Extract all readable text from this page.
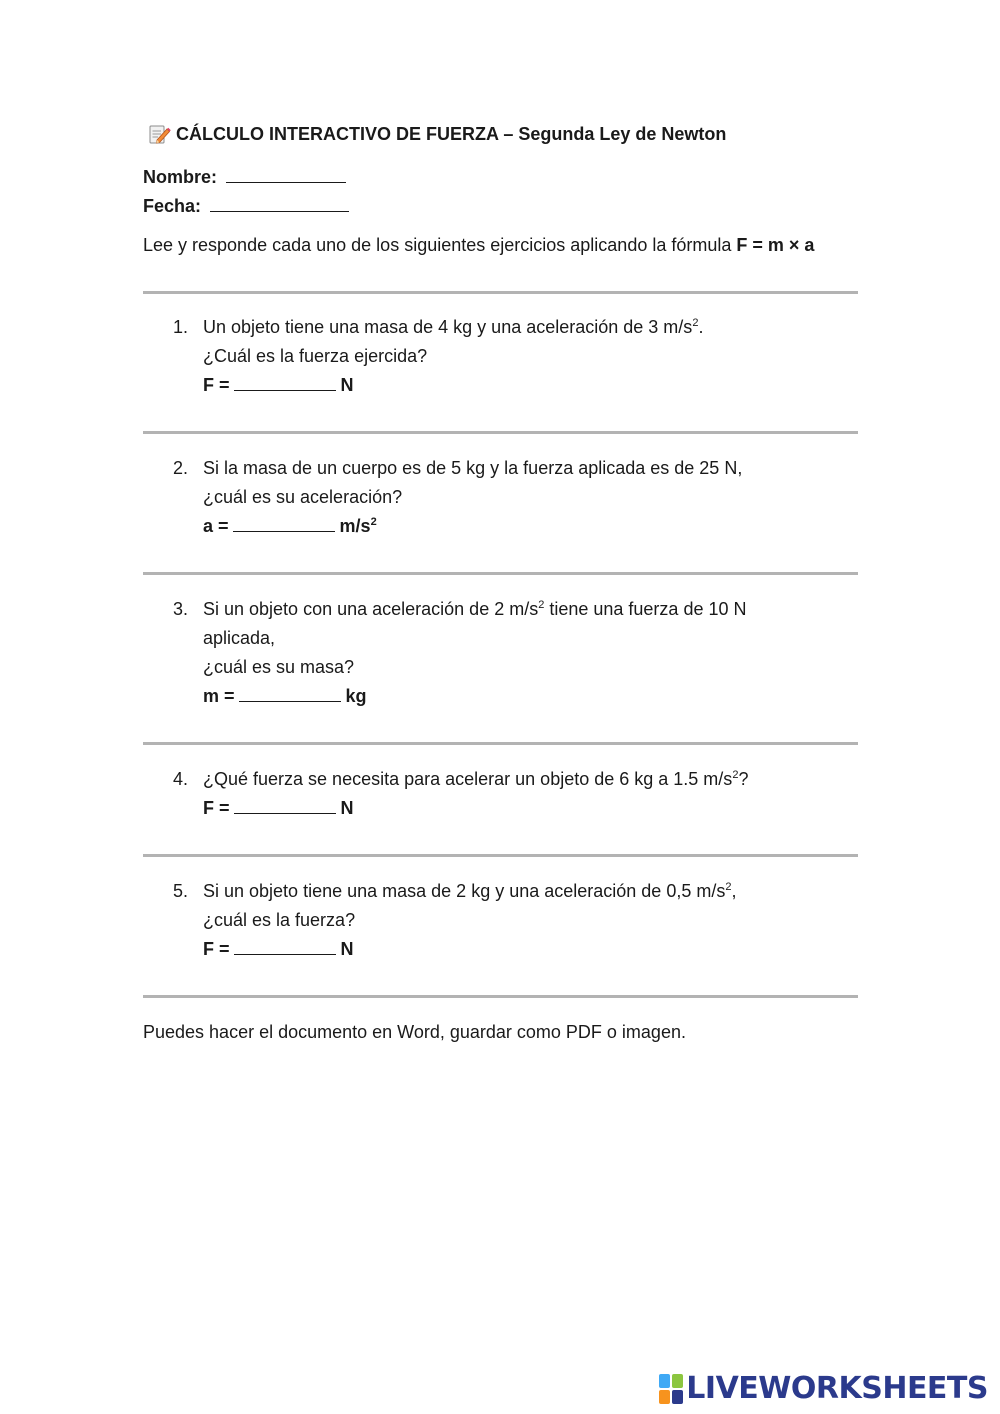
CÁLCULO INTERACTIVO DE FUERZA – Segunda Ley de Newton
Nombre:
Fecha:
Lee y responde cada uno de los siguientes ejercicios aplicando la fórmula F = m × a
1. Un objeto tiene una masa de 4 kg y una aceleración de 3 $m/s^2$.
¿Cuál es la fuerza ejercida?
F =	N
2. Si la masa de un cuerpo es de 5 kg y la fuerza aplicada es de 25 N,
¿cuál es su aceleración?
a =	$m/s^2$
3. Si un objeto con una aceleración de 2 $m/s^2$ tiene una fuerza de 10 N
aplicada,
¿cuál es su masa?
m =	kg
4. ¿Qué fuerza se necesita para acelerar un objeto de 6 kg a 1.5 $m/s^2$?
F =	N
5. Si un objeto tiene una masa de 2 kg y una aceleración de 0,5 $m/s^2$,
¿cuál es la fuerza?
F =	N
Puedes hacer el documento en Word, guardar como PDF o imagen.
LIVEWORKSHEETS
